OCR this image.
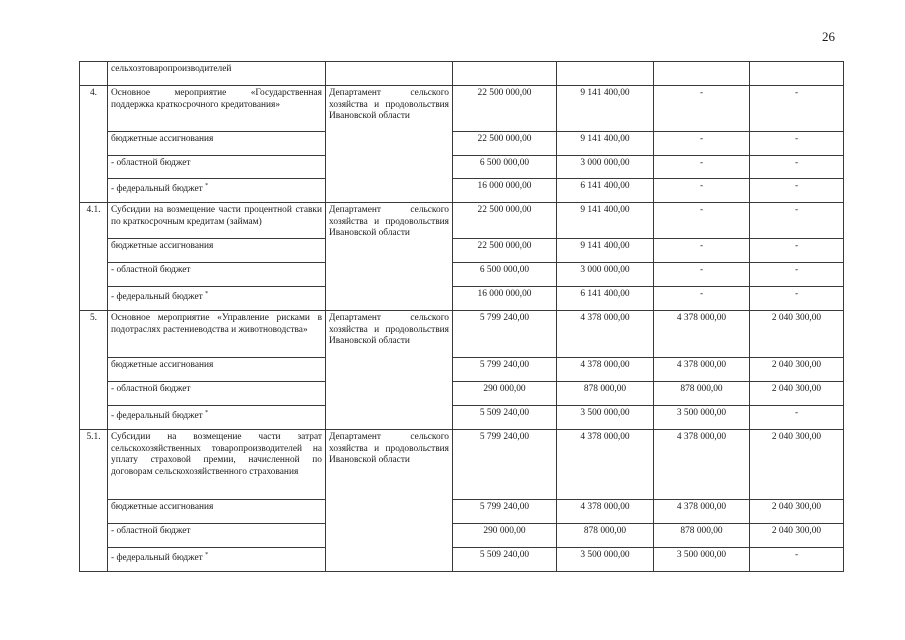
26
	сельхозтоваропроизводителей					
4.	Основное мероприятие «Государственная поддержка краткосрочного кредитования»	Департамент сельского хозяйства и продовольствия Ивановской области	22 500 000,00	9 141 400,00	-	-
	бюджетные ассигнования		22 500 000,00	9 141 400,00	-	-
	- областной бюджет		6 500 000,00	3 000 000,00	-	-
	- федеральный бюджет *		16 000 000,00	6 141 400,00	-	-
4.1.	Субсидии на возмещение части процентной ставки по краткосрочным кредитам (займам)	Департамент сельского хозяйства и продовольствия Ивановской области	22 500 000,00	9 141 400,00	-	-
	бюджетные ассигнования		22 500 000,00	9 141 400,00	-	-
	- областной бюджет		6 500 000,00	3 000 000,00	-	-
	- федеральный бюджет *		16 000 000,00	6 141 400,00	-	-
5.	Основное мероприятие «Управление рисками в подотраслях растениеводства и животноводства»	Департамент сельского хозяйства и продовольствия Ивановской области	5 799 240,00	4 378 000,00	4 378 000,00	2 040 300,00
	бюджетные ассигнования		5 799 240,00	4 378 000,00	4 378 000,00	2 040 300,00
	- областной бюджет		290 000,00	878 000,00	878 000,00	2 040 300,00
	- федеральный бюджет *		5 509 240,00	3 500 000,00	3 500 000,00	-
5.1.	Субсидии на возмещение части затрат сельскохозяйственных товаропроизводителей на уплату страховой премии, начисленной по договорам сельскохозяйственного страхования	Департамент сельского хозяйства и продовольствия Ивановской области	5 799 240,00	4 378 000,00	4 378 000,00	2 040 300,00
	бюджетные ассигнования		5 799 240,00	4 378 000,00	4 378 000,00	2 040 300,00
	- областной бюджет		290 000,00	878 000,00	878 000,00	2 040 300,00
	- федеральный бюджет *		5 509 240,00	3 500 000,00	3 500 000,00	-
